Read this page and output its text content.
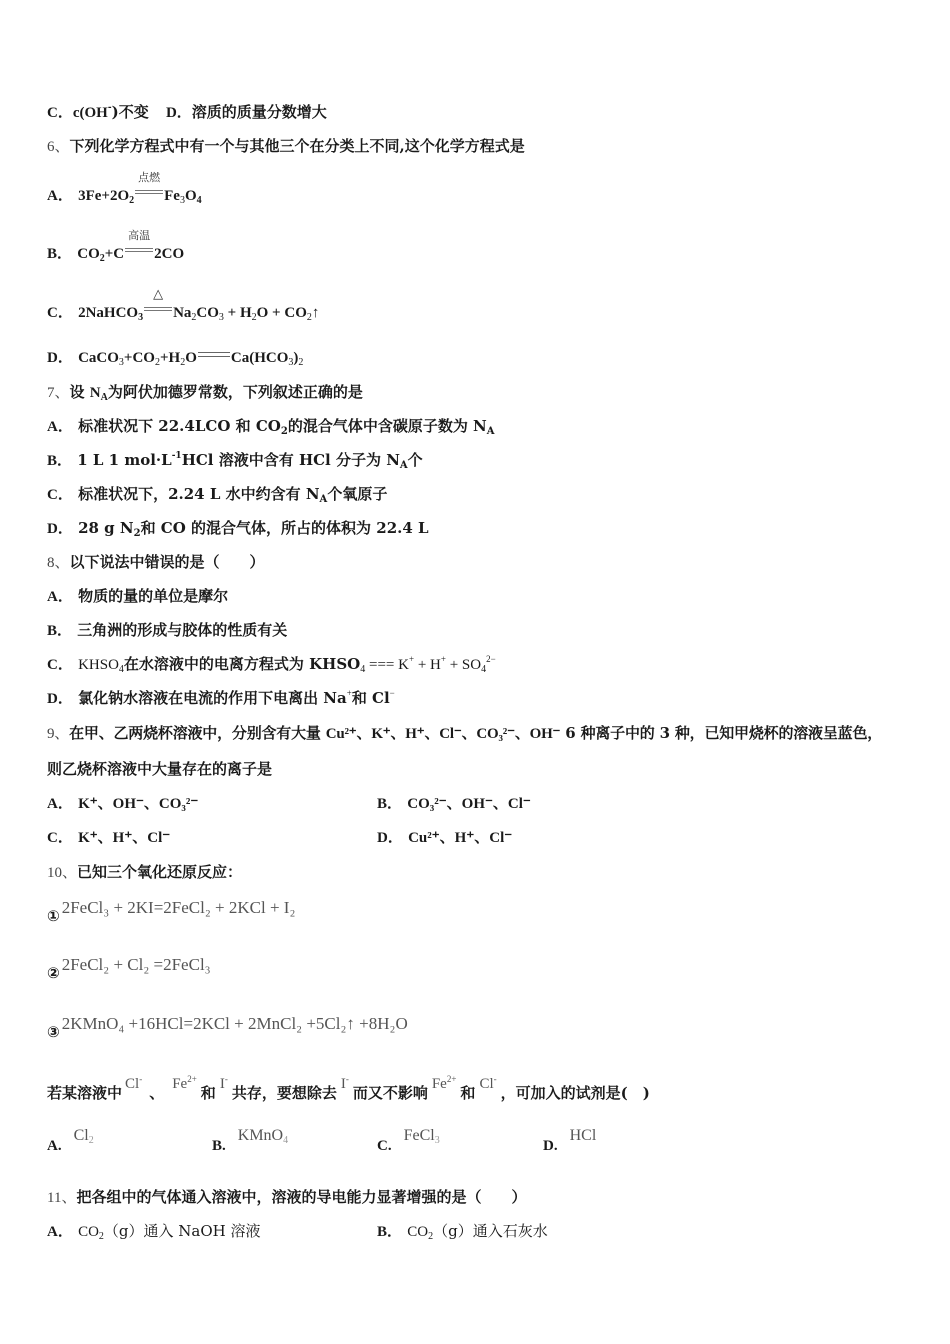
C．c(OH-)不变 D．溶质的质量分数增大
6、下列化学方程式中有一个与其他三个在分类上不同,这个化学方程式是
A． $3Fe+2O_2$
点燃
$Fe_3O_4$
B． $CO_2+C$
高温
2CO
C． 2NaHCO$_3$
△
$Na_2CO_3 + H_2O$ + $CO_2↑$
D． $CaCO_3+CO_2+H_2O$ $Ca(HCO_3)_2$
7、设 $N_A$为阿伏加德罗常数，下列叙述正确的是
A． 标准状况下 22.4LCO 和 $CO_2$的混合气体中含碳原子数为 $N_A$
B． 1 L 1 $mol\cdot L^{-1}HCl$ 溶液中含有 HCl 分子为 $N_A$个
C． 标准状况下，2.24 L 水中约含有 $N_A$个氧原子
D． 28 g $N_2$和 CO 的混合气体，所占的体积为 22.4 L
8、以下说法中错误的是（　　）
A． 物质的量的单位是摩尔
B． 三角洲的形成与胶体的性质有关
C． $KHSO_4$在水溶液中的电离方程式为 $KHSO_4$ === $K^+ + H^+ + SO_4^{2-}$
D． 氯化钠水溶液在电流的作用下电离出 Na+和 Cl−
9、在甲、乙两烧杯溶液中，分别含有大量 Cu²⁺、K⁺、H⁺、Cl⁻、CO₃²⁻、OH⁻ 6 种离子中的 3 种，已知甲烧杯的溶液呈蓝色，
则乙烧杯溶液中大量存在的离子是
A． K⁺、OH⁻、CO₃²⁻	B． CO₃²⁻、OH⁻、Cl⁻
C． K⁺、H⁺、Cl⁻	D． Cu²⁺、H⁺、Cl⁻
10、已知三个氧化还原反应：
① 2FeCl₃ + 2KI=2FeCl₂ + 2KCl + I₂
② 2FeCl₂ + Cl₂ =2FeCl₃
③ 2KMnO₄ +16HCl=2KCl + 2MnCl₂ +5Cl₂↑ +8H₂O
若某溶液中 Cl-、 $Fe^{2+}$和 I-共存，要想除去 I-而又不影响 $Fe^{2+}$和 Cl-，可加入的试剂是(　)
$A.Cl_2$	B.KMnO$_4$	C.FeCl$_3$	D.HCl
11、把各组中的气体通入溶液中，溶液的导电能力显著增强的是（　　）
A． $CO_2(g)$通入 NaOH 溶液	B． $CO_2(g)$通入石灰水
